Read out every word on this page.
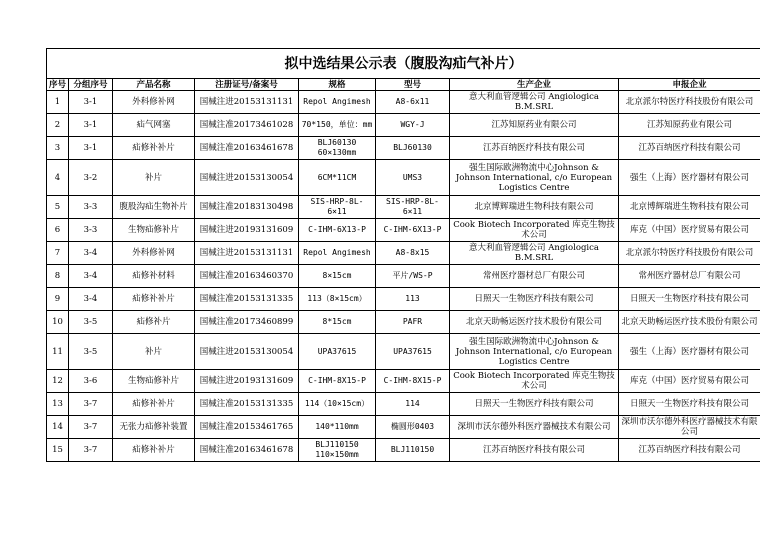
拟中选结果公示表（腹股沟疝气补片）							
序号	分组序号	产品名称	注册证号/备案号	规格	型号	生产企业	申报企业
1	3-1	外科修补网	国械注进20153131131	Repol Angimesh	A8-6x11	意大利血管逻辑公司 Angiologica B.M.SRL	北京派尔特医疗科技股份有限公司
2	3-1	疝气网塞	国械注准20173461028	70*150，单位：mm	WGY-J	江苏知原药业有限公司	江苏知原药业有限公司
3	3-1	疝修补补片	国械注准20163461678	BLJ60130 60×130mm	BLJ60130	江苏百纳医疗科技有限公司	江苏百纳医疗科技有限公司
4	3-2	补片	国械注进20153130054	6CM*11CM	UMS3	强生国际欧洲物流中心Johnson & Johnson International, c/o European Logistics Centre	强生（上海）医疗器材有限公司
5	3-3	腹股沟疝生物补片	国械注准20183130498	SIS-HRP-8L-6×11	SIS-HRP-8L-6×11	北京博辉瑞进生物科技有限公司	北京博辉瑞进生物科技有限公司
6	3-3	生物疝修补片	国械注进20193131609	C-IHM-6X13-P	C-IHM-6X13-P	Cook Biotech Incorporated 库克生物技术公司	库克（中国）医疗贸易有限公司
7	3-4	外科修补网	国械注进20153131131	Repol Angimesh	A8-8x15	意大利血管逻辑公司 Angiologica B.M.SRL	北京派尔特医疗科技股份有限公司
8	3-4	疝修补材料	国械注准20163460370	8×15cm	平片/WS-P	常州医疗器材总厂有限公司	常州医疗器材总厂有限公司
9	3-4	疝修补补片	国械注准20153131335	113（8×15cm）	113	日照天一生物医疗科技有限公司	日照天一生物医疗科技有限公司
10	3-5	疝修补片	国械注准20173460899	8*15cm	PAFR	北京天助畅运医疗技术股份有限公司	北京天助畅运医疗技术股份有限公司
11	3-5	补片	国械注进20153130054	UPA37615	UPA37615	强生国际欧洲物流中心Johnson & Johnson International, c/o European Logistics Centre	强生（上海）医疗器材有限公司
12	3-6	生物疝修补片	国械注进20193131609	C-IHM-8X15-P	C-IHM-8X15-P	Cook Biotech Incorporated 库克生物技术公司	库克（中国）医疗贸易有限公司
13	3-7	疝修补补片	国械注准20153131335	114（10×15cm）	114	日照天一生物医疗科技有限公司	日照天一生物医疗科技有限公司
14	3-7	无张力疝修补装置	国械注准20153461765	140*110mm	椭圆形0403	深圳市沃尔德外科医疗器械技术有限公司	深圳市沃尔德外科医疗器械技术有限公司
15	3-7	疝修补补片	国械注准20163461678	BLJ110150 110×150mm	BLJ110150	江苏百纳医疗科技有限公司	江苏百纳医疗科技有限公司
